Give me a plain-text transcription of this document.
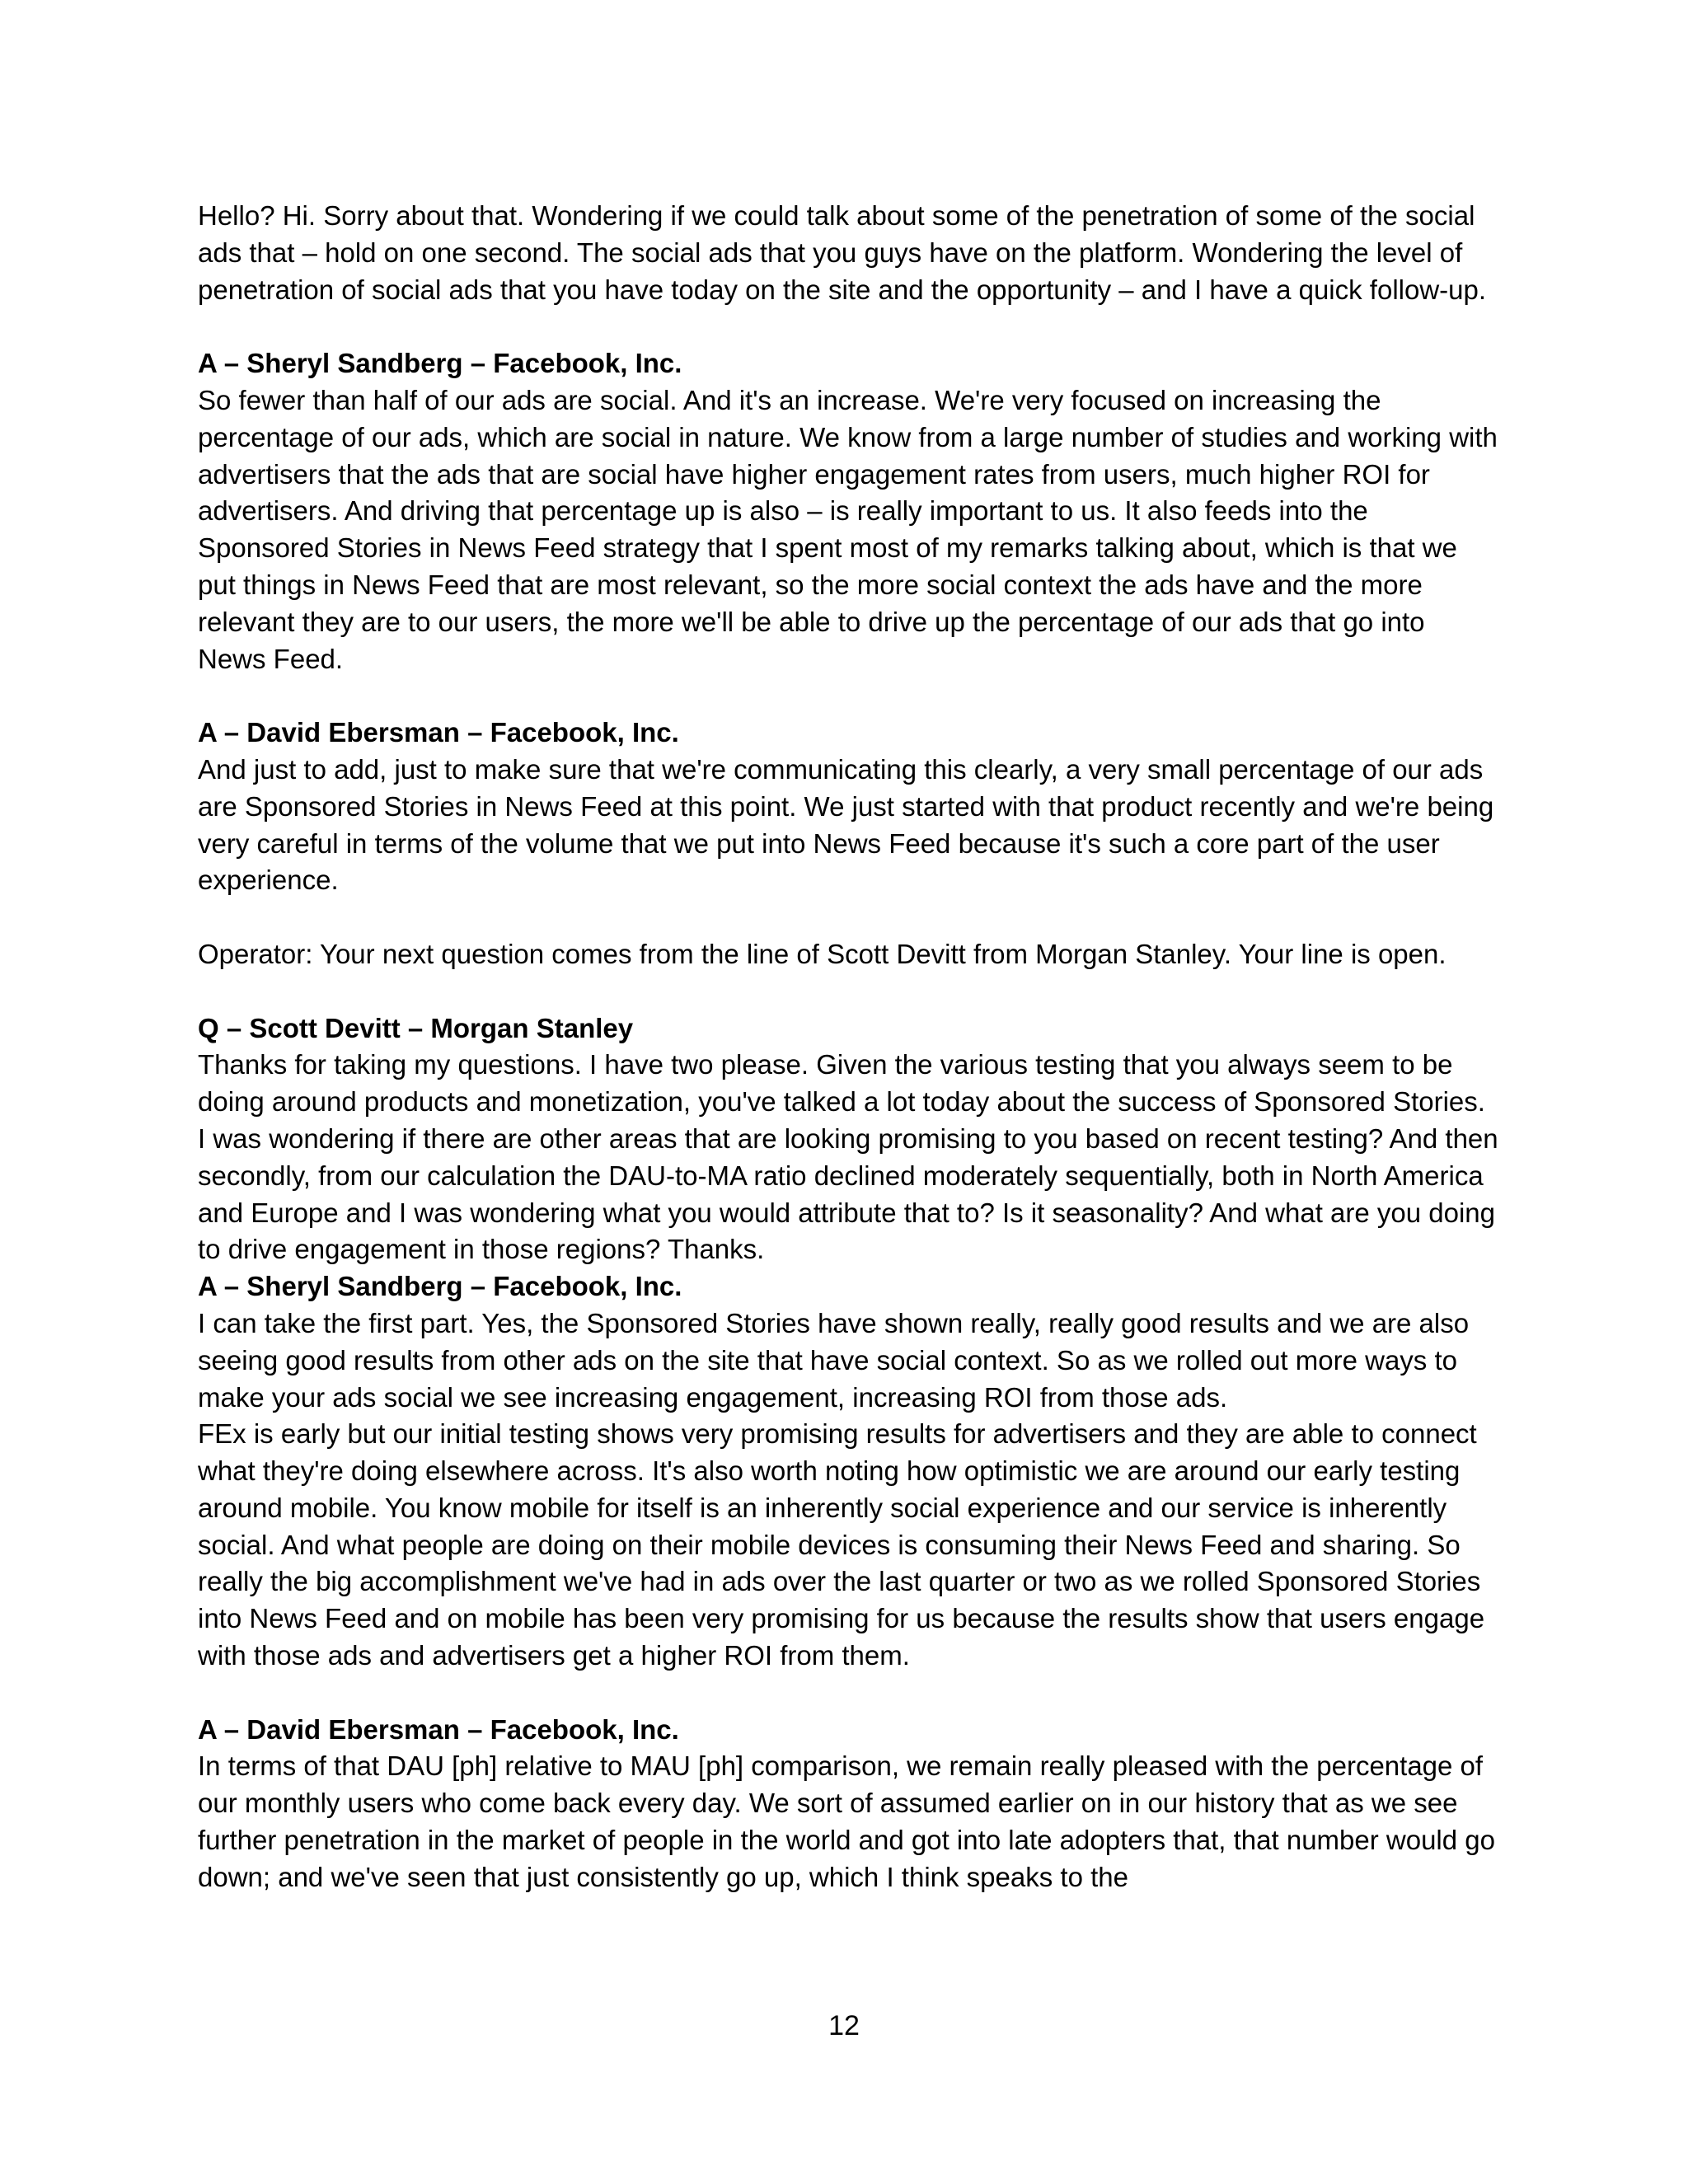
Hello? Hi. Sorry about that. Wondering if we could talk about some of the penetration of some of the social ads that – hold on one second. The social ads that you guys have on the platform. Wondering the level of penetration of social ads that you have today on the site and the opportunity – and I have a quick follow-up.
A – Sheryl Sandberg – Facebook, Inc.
So fewer than half of our ads are social. And it's an increase. We're very focused on increasing the percentage of our ads, which are social in nature. We know from a large number of studies and working with advertisers that the ads that are social have higher engagement rates from users, much higher ROI for advertisers. And driving that percentage up is also – is really important to us. It also feeds into the Sponsored Stories in News Feed strategy that I spent most of my remarks talking about, which is that we put things in News Feed that are most relevant, so the more social context the ads have and the more relevant they are to our users, the more we'll be able to drive up the percentage of our ads that go into News Feed.
A – David Ebersman – Facebook, Inc.
And just to add, just to make sure that we're communicating this clearly, a very small percentage of our ads are Sponsored Stories in News Feed at this point. We just started with that product recently and we're being very careful in terms of the volume that we put into News Feed because it's such a core part of the user experience.
Operator: Your next question comes from the line of Scott Devitt from Morgan Stanley. Your line is open.
Q – Scott Devitt – Morgan Stanley
Thanks for taking my questions. I have two please. Given the various testing that you always seem to be doing around products and monetization, you've talked a lot today about the success of Sponsored Stories. I was wondering if there are other areas that are looking promising to you based on recent testing? And then secondly, from our calculation the DAU-to-MA ratio declined moderately sequentially, both in North America and Europe and I was wondering what you would attribute that to? Is it seasonality? And what are you doing to drive engagement in those regions? Thanks.
A – Sheryl Sandberg – Facebook, Inc.
I can take the first part. Yes, the Sponsored Stories have shown really, really good results and we are also seeing good results from other ads on the site that have social context. So as we rolled out more ways to make your ads social we see increasing engagement, increasing ROI from those ads.
FEx is early but our initial testing shows very promising results for advertisers and they are able to connect what they're doing elsewhere across. It's also worth noting how optimistic we are around our early testing around mobile. You know mobile for itself is an inherently social experience and our service is inherently social. And what people are doing on their mobile devices is consuming their News Feed and sharing. So really the big accomplishment we've had in ads over the last quarter or two as we rolled Sponsored Stories into News Feed and on mobile has been very promising for us because the results show that users engage with those ads and advertisers get a higher ROI from them.
A – David Ebersman – Facebook, Inc.
In terms of that DAU [ph] relative to MAU [ph] comparison, we remain really pleased with the percentage of our monthly users who come back every day. We sort of assumed earlier on in our history that as we see further penetration in the market of people in the world and got into late adopters that, that number would go down; and we've seen that just consistently go up, which I think speaks to the
12
